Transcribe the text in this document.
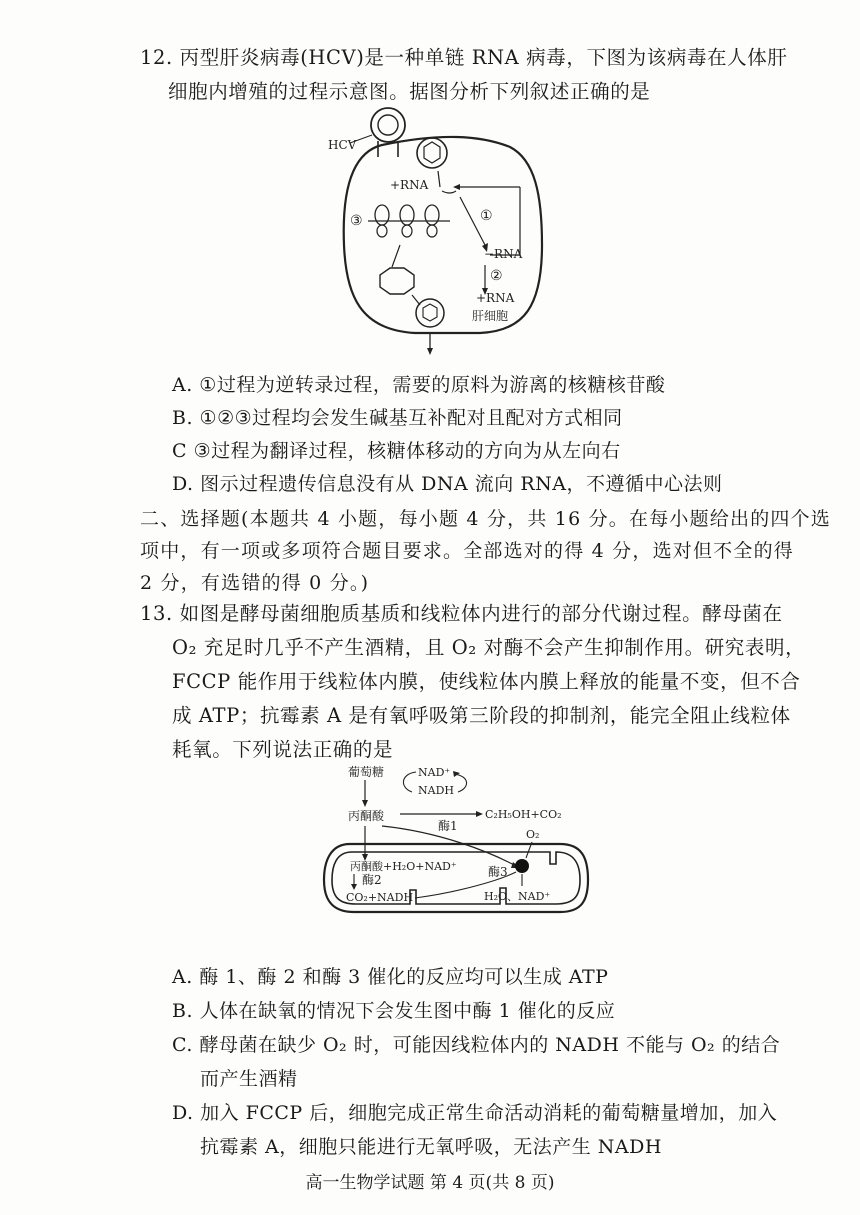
12. 丙型肝炎病毒(HCV)是一种单链 RNA 病毒，下图为该病毒在人体肝
细胞内增殖的过程示意图。据图分析下列叙述正确的是
HCV
+RNA
①
−RNA
②
+RNA
③
肝细胞
A. ①过程为逆转录过程，需要的原料为游离的核糖核苷酸
B. ①②③过程均会发生碱基互补配对且配对方式相同
C ③过程为翻译过程，核糖体移动的方向为从左向右
D. 图示过程遗传信息没有从 DNA 流向 RNA，不遵循中心法则
二、选择题(本题共 4 小题，每小题 4 分，共 16 分。在每小题给出的四个选
项中，有一项或多项符合题目要求。全部选对的得 4 分，选对但不全的得
2 分，有选错的得 0 分。)
13. 如图是酵母菌细胞质基质和线粒体内进行的部分代谢过程。酵母菌在
O₂ 充足时几乎不产生酒精，且 O₂ 对酶不会产生抑制作用。研究表明，
FCCP 能作用于线粒体内膜，使线粒体内膜上释放的能量不变，但不合
成 ATP；抗霉素 A 是有氧呼吸第三阶段的抑制剂，能完全阻止线粒体
耗氧。下列说法正确的是
葡萄糖	NAD⁺
NADH
丙酮酸	C₂H₅OH+CO₂
酶1
O₂
酶3
丙酮酸+H₂O+NAD⁺
酶2
CO₂+NADH	H₂O、NAD⁺
A. 酶 1、酶 2 和酶 3 催化的反应均可以生成 ATP
B. 人体在缺氧的情况下会发生图中酶 1 催化的反应
C. 酵母菌在缺少 O₂ 时，可能因线粒体内的 NADH 不能与 O₂ 的结合
而产生酒精
D. 加入 FCCP 后，细胞完成正常生命活动消耗的葡萄糖量增加，加入
抗霉素 A，细胞只能进行无氧呼吸，无法产生 NADH
高一生物学试题 第 4 页(共 8 页)
